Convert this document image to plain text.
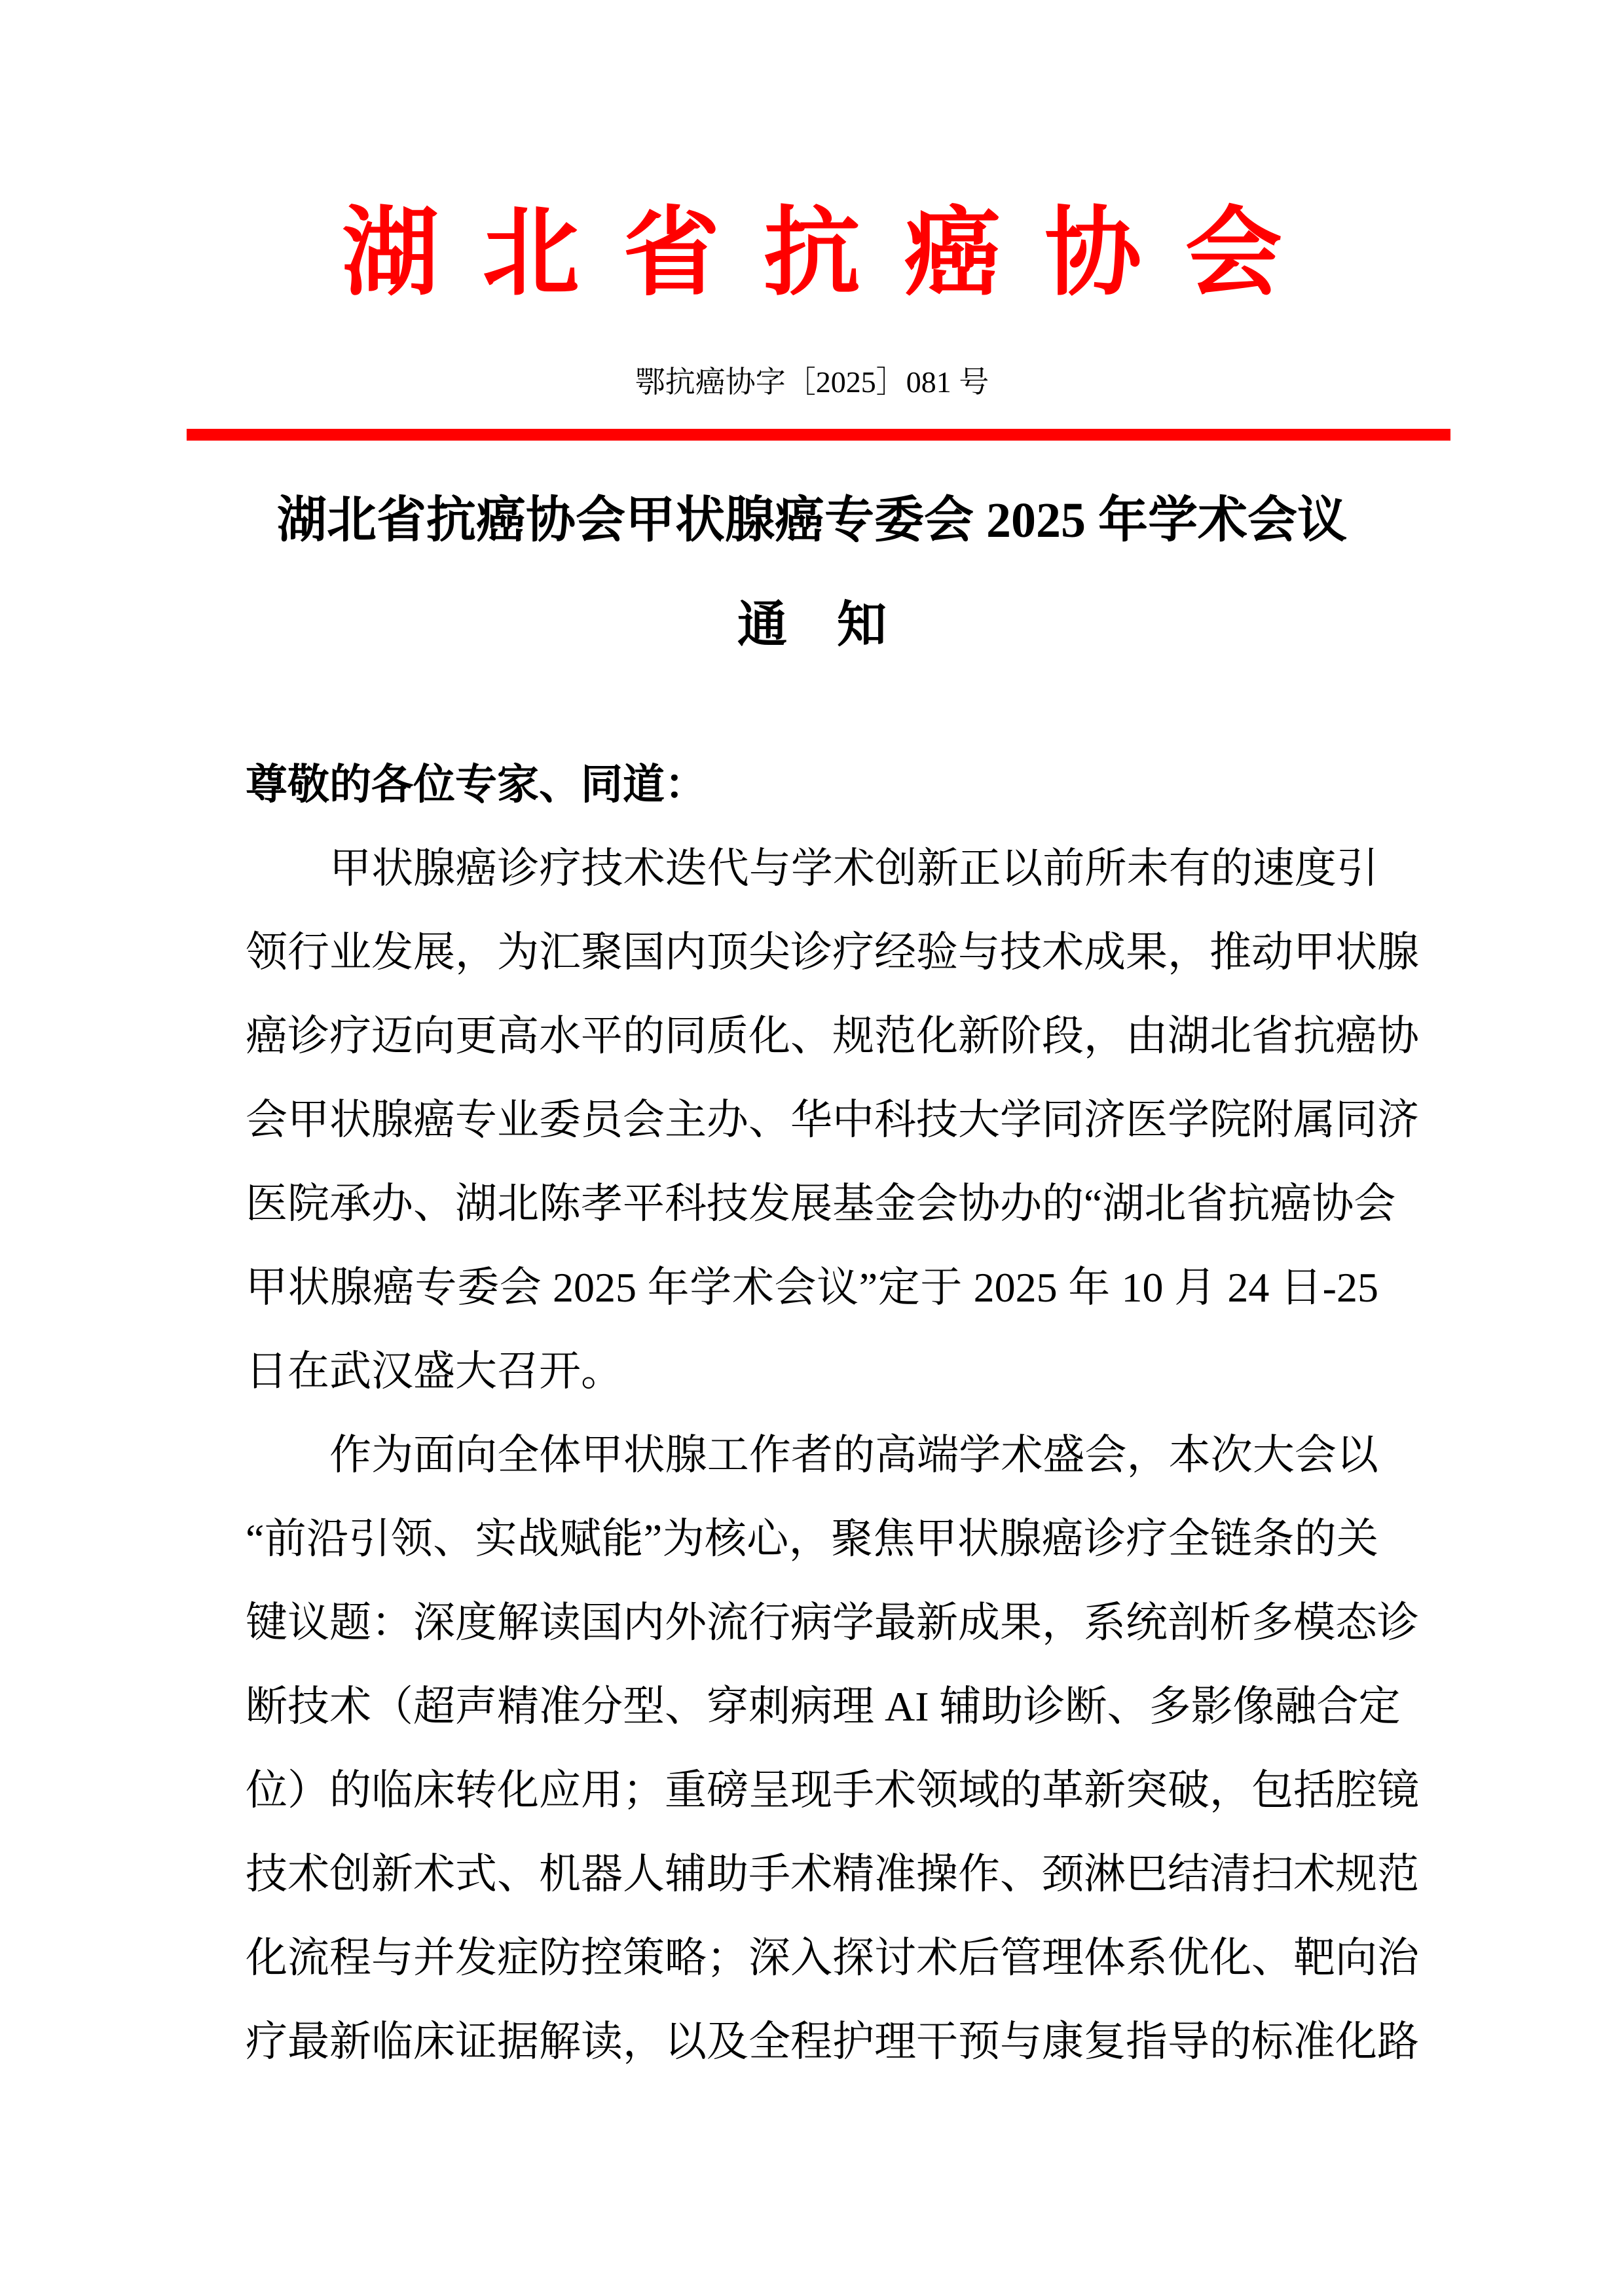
湖北省抗癌协会
鄂抗癌协字［2025］081 号
湖北省抗癌协会甲状腺癌专委会 2025 年学术会议
通　知
尊敬的各位专家、同道：
甲状腺癌诊疗技术迭代与学术创新正以前所未有的速度引
领行业发展，为汇聚国内顶尖诊疗经验与技术成果，推动甲状腺
癌诊疗迈向更高水平的同质化、规范化新阶段，由湖北省抗癌协
会甲状腺癌专业委员会主办、华中科技大学同济医学院附属同济
医院承办、湖北陈孝平科技发展基金会协办的“湖北省抗癌协会
甲状腺癌专委会 2025 年学术会议”定于 2025 年 10 月 24 日-25
日在武汉盛大召开。
作为面向全体甲状腺工作者的高端学术盛会，本次大会以
“前沿引领、实战赋能”为核心，聚焦甲状腺癌诊疗全链条的关
键议题：深度解读国内外流行病学最新成果，系统剖析多模态诊
断技术（超声精准分型、穿刺病理 AI 辅助诊断、多影像融合定
位）的临床转化应用；重磅呈现手术领域的革新突破，包括腔镜
技术创新术式、机器人辅助手术精准操作、颈淋巴结清扫术规范
化流程与并发症防控策略；深入探讨术后管理体系优化、靶向治
疗最新临床证据解读，以及全程护理干预与康复指导的标准化路
